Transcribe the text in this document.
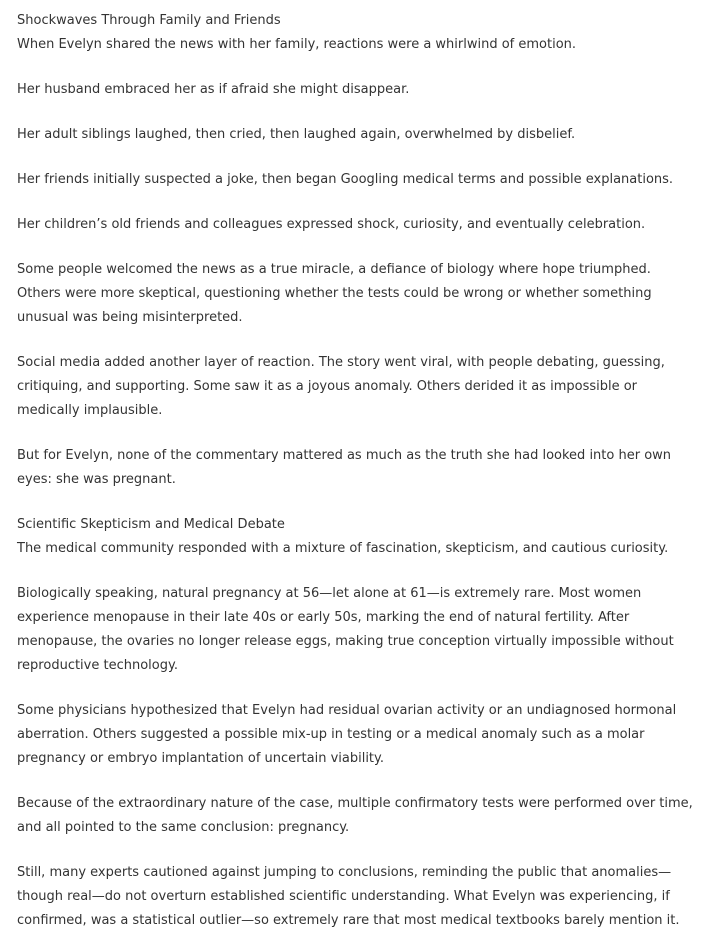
Shockwaves Through Family and Friends

When Evelyn shared the news with her family, reactions were a whirlwind of emotion.

Her husband embraced her as if afraid she might disappear.

Her adult siblings laughed, then cried, then laughed again, overwhelmed by disbelief.

Her friends initially suspected a joke, then began Googling medical terms and possible explanations.

Her children’s old friends and colleagues expressed shock, curiosity, and eventually celebration.

Some people welcomed the news as a true miracle, a defiance of biology where hope triumphed. Others were more skeptical, questioning whether the tests could be wrong or whether something unusual was being misinterpreted.

Social media added another layer of reaction. The story went viral, with people debating, guessing, critiquing, and supporting. Some saw it as a joyous anomaly. Others derided it as impossible or medically implausible.

But for Evelyn, none of the commentary mattered as much as the truth she had looked into her own eyes: she was pregnant.

Scientific Skepticism and Medical Debate

The medical community responded with a mixture of fascination, skepticism, and cautious curiosity.

Biologically speaking, natural pregnancy at 56—let alone at 61—is extremely rare. Most women experience menopause in their late 40s or early 50s, marking the end of natural fertility. After menopause, the ovaries no longer release eggs, making true conception virtually impossible without reproductive technology.

Some physicians hypothesized that Evelyn had residual ovarian activity or an undiagnosed hormonal aberration. Others suggested a possible mix-up in testing or a medical anomaly such as a molar pregnancy or embryo implantation of uncertain viability.

Because of the extraordinary nature of the case, multiple confirmatory tests were performed over time, and all pointed to the same conclusion: pregnancy.

Still, many experts cautioned against jumping to conclusions, reminding the public that anomalies—though real—do not overturn established scientific understanding. What Evelyn was experiencing, if confirmed, was a statistical outlier—so extremely rare that most medical textbooks barely mention it.
